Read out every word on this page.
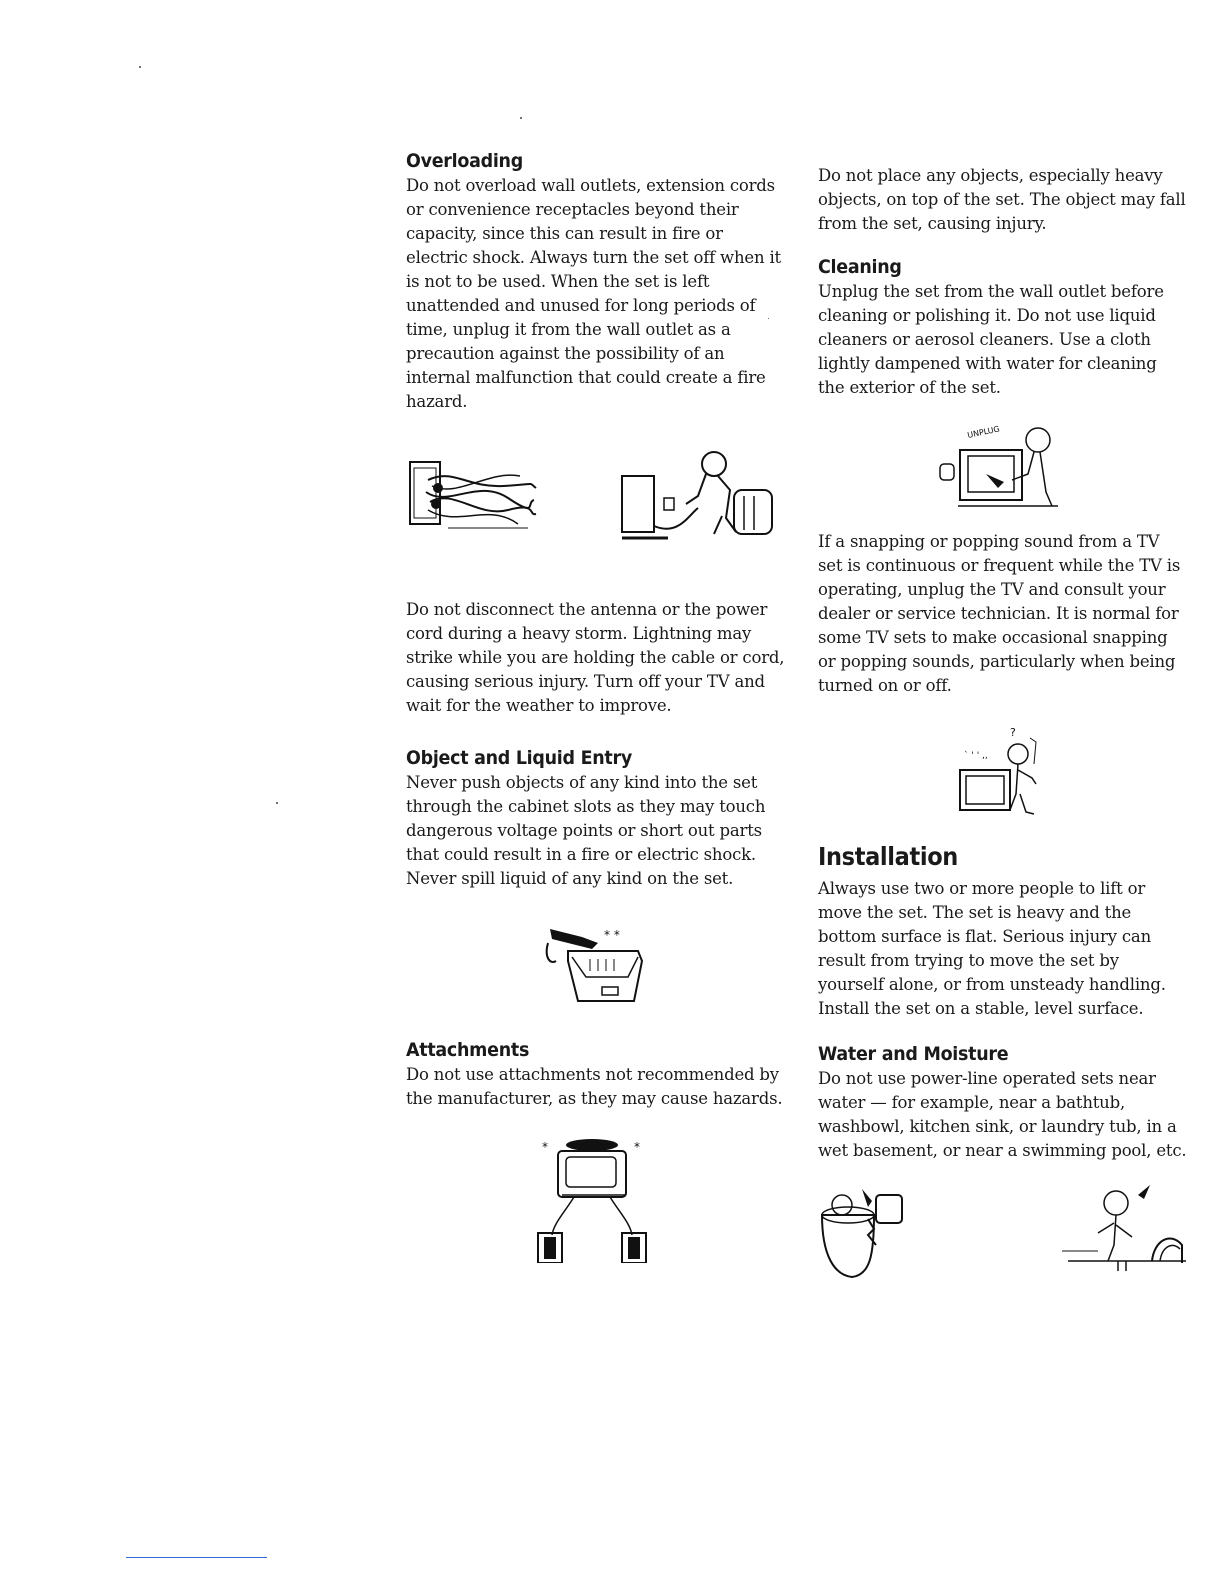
Overloading

Do not overload wall outlets, extension cords or convenience receptacles beyond their capacity, since this can result in fire or electric shock. Always turn the set off when it is not to be used. When the set is left unattended and unused for long periods of time, unplug it from the wall outlet as a precaution against the possibility of an internal malfunction that could create a fire hazard.

Do not disconnect the antenna or the power cord during a heavy storm. Lightning may strike while you are holding the cable or cord, causing serious injury. Turn off your TV and wait for the weather to improve.

Object and Liquid Entry

Never push objects of any kind into the set through the cabinet slots as they may touch dangerous voltage points or short out parts that could result in a fire or electric shock. Never spill liquid of any kind on the set.

* *
Attachments

Do not use attachments not recommended by the manufacturer, as they may cause hazards.

*	*

Do not place any objects, especially heavy objects, on top of the set. The object may fall from the set, causing injury.

Cleaning

Unplug the set from the wall outlet before cleaning or polishing it. Do not use liquid cleaners or aerosol cleaners. Use a cloth lightly dampened with water for cleaning the exterior of the set.

UNPLUG

If a snapping or popping sound from a TV set is continuous or frequent while the TV is operating, unplug the TV and consult your dealer or service technician. It is normal for some TV sets to make occasional snapping or popping sounds, particularly when being turned on or off.

` ' ' ,,
?
Installation

Always use two or more people to lift or move the set. The set is heavy and the bottom surface is flat. Serious injury can result from trying to move the set by yourself alone, or from unsteady handling. Install the set on a stable, level surface.

Water and Moisture

Do not use power-line operated sets near water — for example, near a bathtub, washbowl, kitchen sink, or laundry tub, in a wet basement, or near a swimming pool, etc.
